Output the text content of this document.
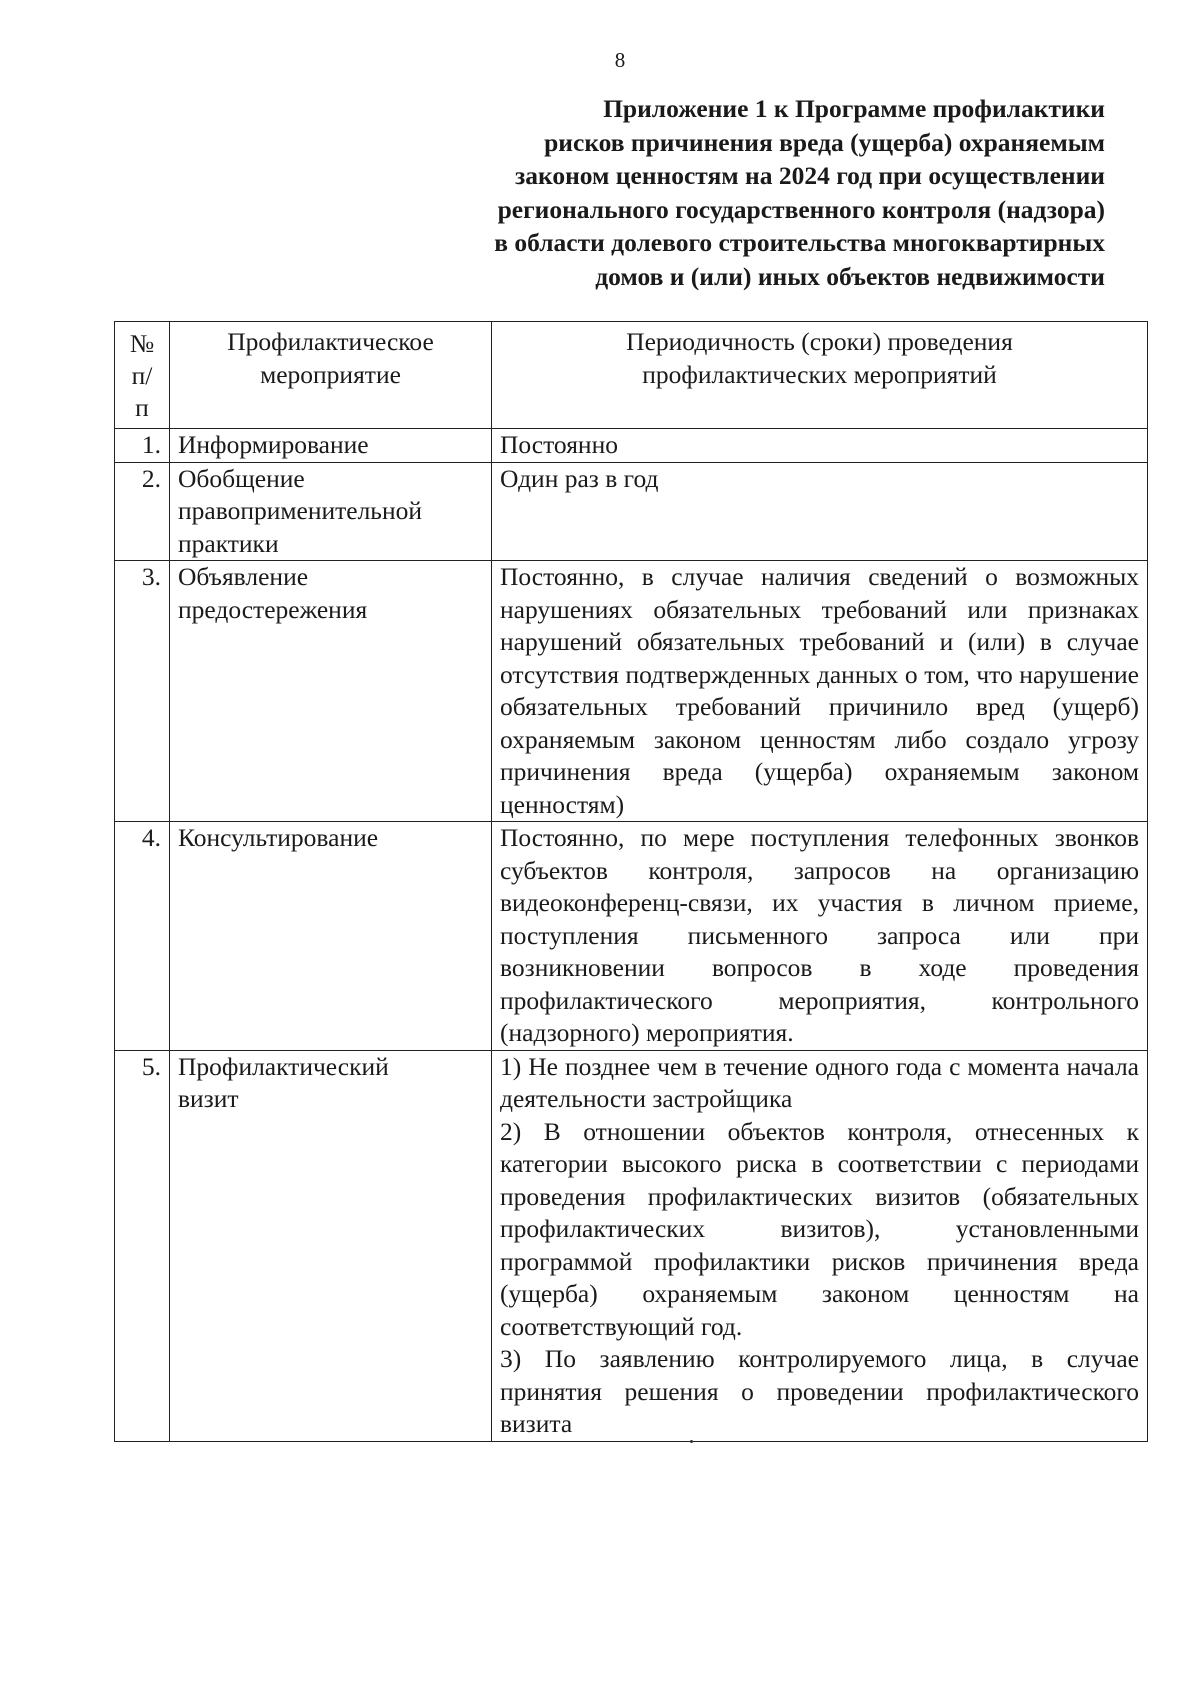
8
Приложение 1 к Программе профилактики
рисков причинения вреда (ущерба) охраняемым
законом ценностям на 2024 год при осуществлении
регионального государственного контроля (надзора)
в области долевого строительства многоквартирных
домов и (или) иных объектов недвижимости
№ п/ п	Профилактическое мероприятие	Периодичность (сроки) проведения профилактических мероприятий
1.	Информирование	Постоянно
2.	Обобщение правоприменительной практики	Один раз в год
3.	Объявление предостережения	Постоянно, в случае наличия сведений о возможных нарушениях обязательных требований или признаках нарушений обязательных требований и (или) в случае отсутствия подтвержденных данных о том, что нарушение обязательных требований причинило вред (ущерб) охраняемым законом ценностям либо создало угрозу причинения вреда (ущерба) охраняемым законом ценностям)
4.	Консультирование	Постоянно, по мере поступления телефонных звонков субъектов контроля, запросов на организацию видеоконференц-связи, их участия в личном приеме, поступления письменного запроса или при возникновении вопросов в ходе проведения профилактического мероприятия, контрольного (надзорного) мероприятия.
5.	Профилактический визит	1) Не позднее чем в течение одного года с момента начала деятельности застройщика
2) В отношении объектов контроля, отнесенных к категории высокого риска в соответствии с периодами проведения профилактических визитов (обязательных профилактических визитов), установленными программой профилактики рисков причинения вреда (ущерба) охраняемым законом ценностям на соответствующий год.
3) По заявлению контролируемого лица, в случае принятия решения о проведении профилактического визита
